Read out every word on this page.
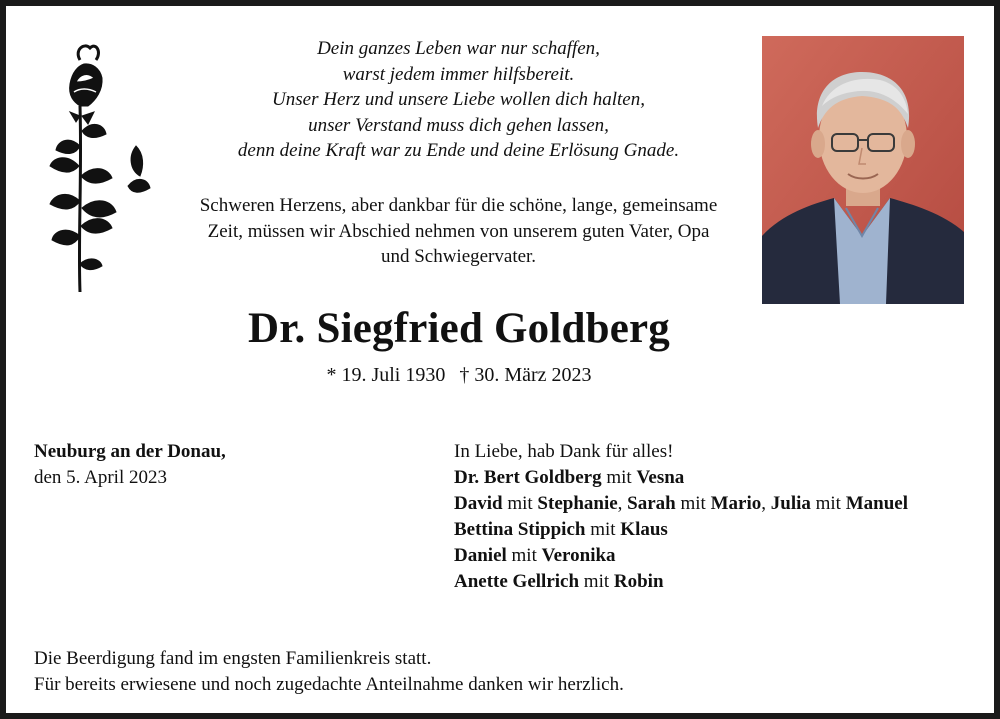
Dein ganzes Leben war nur schaffen,
warst jedem immer hilfsbereit.
Unser Herz und unsere Liebe wollen dich halten,
unser Verstand muss dich gehen lassen,
denn deine Kraft war zu Ende und deine Erlösung Gnade.
Schweren Herzens, aber dankbar für die schöne, lange, gemeinsame
Zeit, müssen wir Abschied nehmen von unserem guten Vater, Opa
und Schwiegervater.
Dr. Siegfried Goldberg
* 19. Juli 1930 † 30. März 2023
Neuburg an der Donau,
den 5. April 2023
In Liebe, hab Dank für alles!
Dr. Bert Goldberg mit Vesna
David mit Stephanie, Sarah mit Mario, Julia mit Manuel
Bettina Stippich mit Klaus
Daniel mit Veronika
Anette Gellrich mit Robin
Die Beerdigung fand im engsten Familienkreis statt.
Für bereits erwiesene und noch zugedachte Anteilnahme danken wir herzlich.
